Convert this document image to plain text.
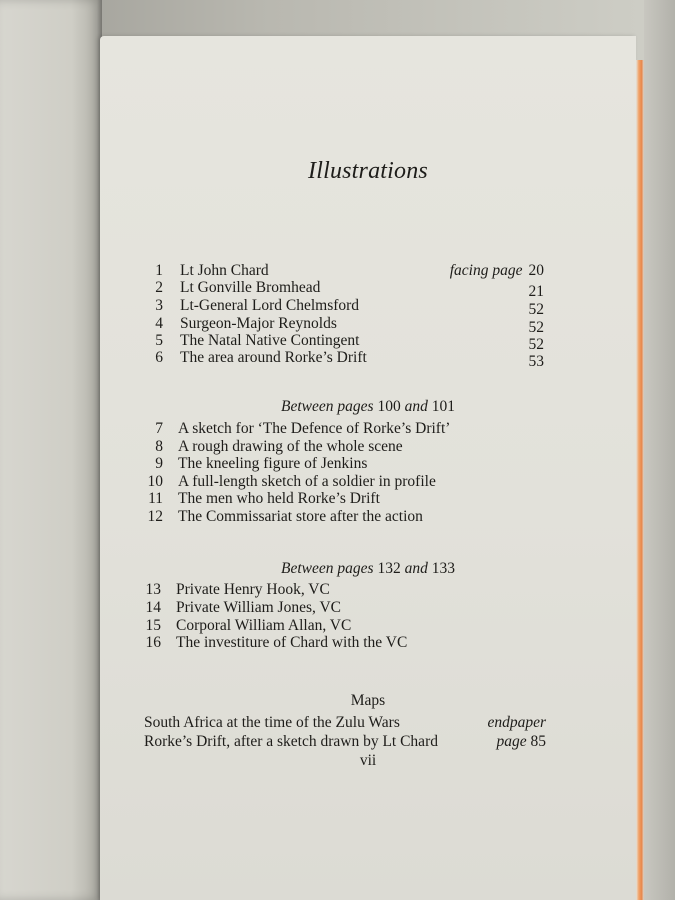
Illustrations
1 Lt John Chard	facing page 20
2 Lt Gonville Bromhead	21
3 Lt-General Lord Chelmsford	52
4 Surgeon-Major Reynolds	52
5 The Natal Native Contingent	52
6 The area around Rorke’s Drift	53
Between pages 100 and 101
7 A sketch for ‘The Defence of Rorke’s Drift’
8 A rough drawing of the whole scene
9 The kneeling figure of Jenkins
10 A full-length sketch of a soldier in profile
11 The men who held Rorke’s Drift
12 The Commissariat store after the action
Between pages 132 and 133
13 Private Henry Hook, VC
14 Private William Jones, VC
15 Corporal William Allan, VC
16 The investiture of Chard with the VC
Maps
South Africa at the time of the Zulu Wars	endpaper
Rorke’s Drift, after a sketch drawn by Lt Chard	page 85
vii
